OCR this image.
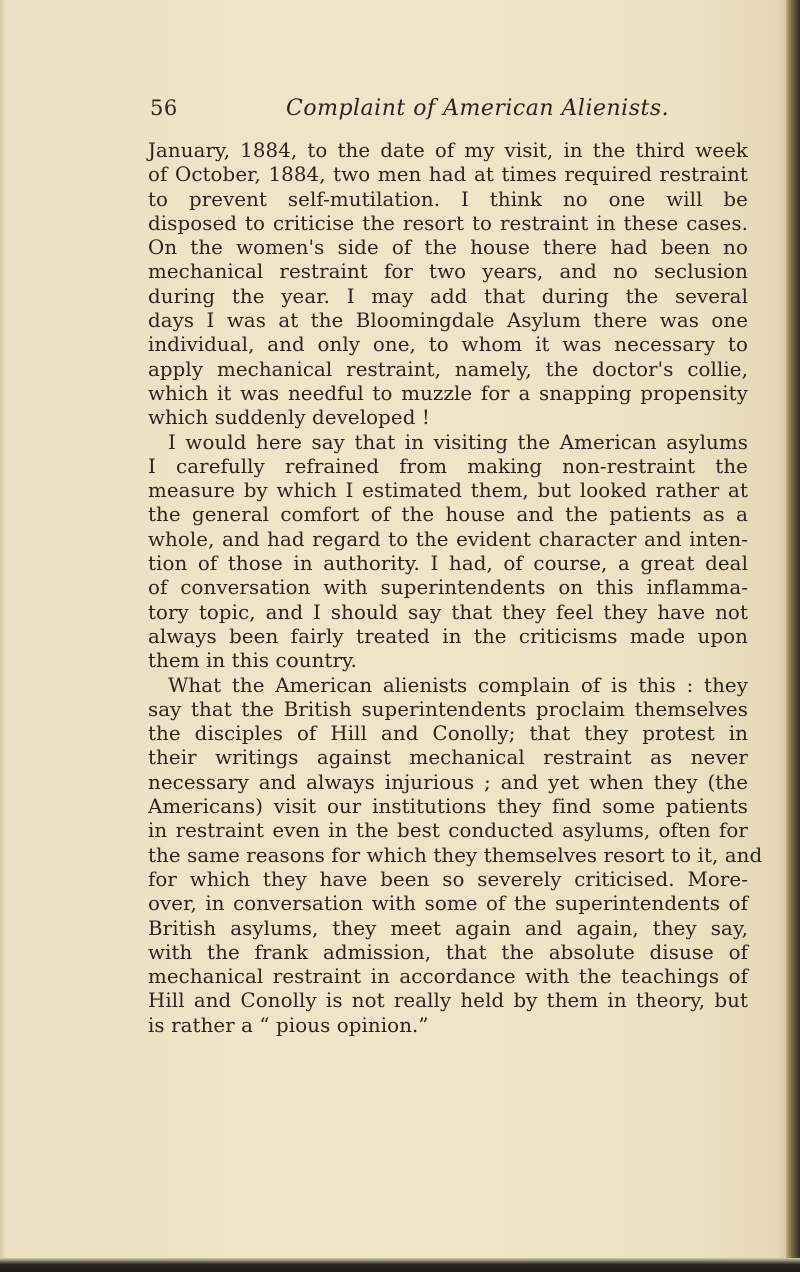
56	Complaint of American Alienists.
January, 1884, to the date of my visit, in the third week
of October, 1884, two men had at times required restraint
to prevent self-mutilation. I think no one will be
disposed to criticise the resort to restraint in these cases.
On the women's side of the house there had been no
mechanical restraint for two years, and no seclusion
during the year. I may add that during the several
days I was at the Bloomingdale Asylum there was one
individual, and only one, to whom it was necessary to
apply mechanical restraint, namely, the doctor's collie,
which it was needful to muzzle for a snapping propensity
which suddenly developed !
I would here say that in visiting the American asylums
I carefully refrained from making non-restraint the
measure by which I estimated them, but looked rather at
the general comfort of the house and the patients as a
whole, and had regard to the evident character and inten-
tion of those in authority. I had, of course, a great deal
of conversation with superintendents on this inflamma-
tory topic, and I should say that they feel they have not
always been fairly treated in the criticisms made upon
them in this country.
What the American alienists complain of is this : they
say that the British superintendents proclaim themselves
the disciples of Hill and Conolly; that they protest in
their writings against mechanical restraint as never
necessary and always injurious ; and yet when they (the
Americans) visit our institutions they find some patients
in restraint even in the best conducted asylums, often for
the same reasons for which they themselves resort to it, and
for which they have been so severely criticised. More-
over, in conversation with some of the superintendents of
British asylums, they meet again and again, they say,
with the frank admission, that the absolute disuse of
mechanical restraint in accordance with the teachings of
Hill and Conolly is not really held by them in theory, but
is rather a “ pious opinion.”
